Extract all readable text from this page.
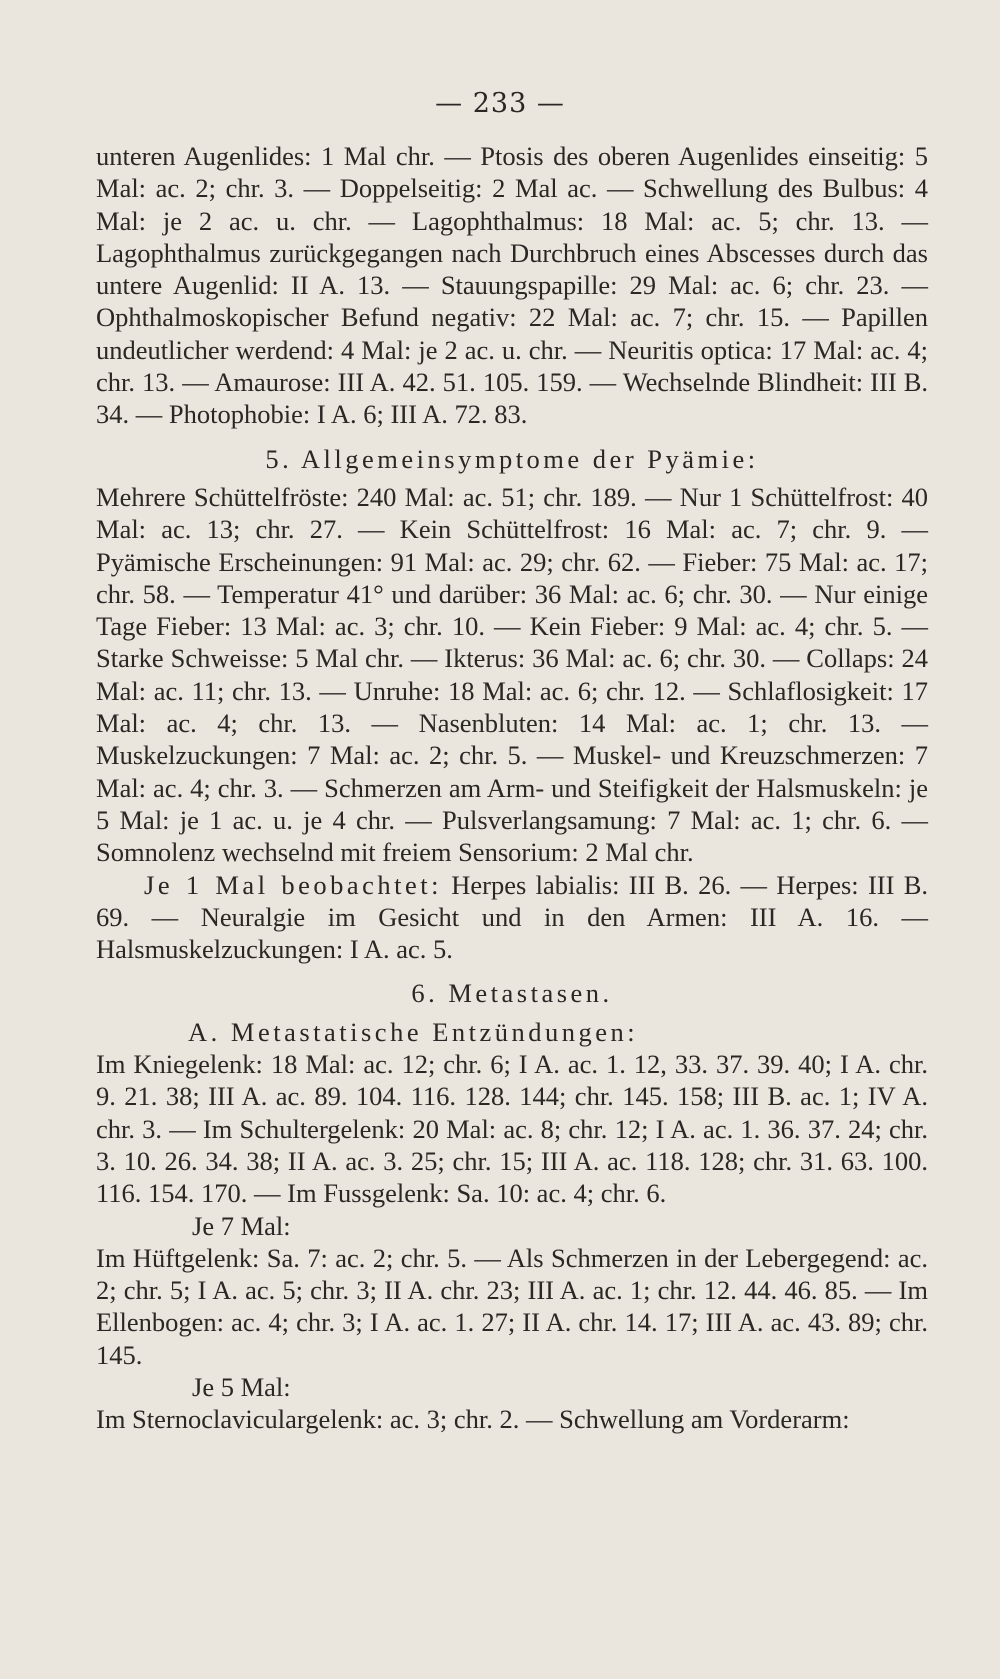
— 233 —

unteren Augenlides: 1 Mal chr. — Ptosis des oberen Augenlides einseitig: 5 Mal: ac. 2; chr. 3. — Doppelseitig: 2 Mal ac. — Schwellung des Bulbus: 4 Mal: je 2 ac. u. chr. — Lagophthalmus: 18 Mal: ac. 5; chr. 13. — Lagophthalmus zurückgegangen nach Durchbruch eines Abscesses durch das untere Augenlid: II A. 13. — Stauungspapille: 29 Mal: ac. 6; chr. 23. — Ophthalmoskopischer Befund negativ: 22 Mal: ac. 7; chr. 15. — Papillen undeutlicher werdend: 4 Mal: je 2 ac. u. chr. — Neuritis optica: 17 Mal: ac. 4; chr. 13. — Amaurose: III A. 42. 51. 105. 159. — Wechselnde Blindheit: III B. 34. — Photophobie: I A. 6; III A. 72. 83.

5. Allgemeinsymptome der Pyämie:

Mehrere Schüttelfröste: 240 Mal: ac. 51; chr. 189. — Nur 1 Schüttelfrost: 40 Mal: ac. 13; chr. 27. — Kein Schüttelfrost: 16 Mal: ac. 7; chr. 9. — Pyämische Erscheinungen: 91 Mal: ac. 29; chr. 62. — Fieber: 75 Mal: ac. 17; chr. 58. — Temperatur 41° und darüber: 36 Mal: ac. 6; chr. 30. — Nur einige Tage Fieber: 13 Mal: ac. 3; chr. 10. — Kein Fieber: 9 Mal: ac. 4; chr. 5. — Starke Schweisse: 5 Mal chr. — Ikterus: 36 Mal: ac. 6; chr. 30. — Collaps: 24 Mal: ac. 11; chr. 13. — Unruhe: 18 Mal: ac. 6; chr. 12. — Schlaflosigkeit: 17 Mal: ac. 4; chr. 13. — Nasenbluten: 14 Mal: ac. 1; chr. 13. — Muskelzuckungen: 7 Mal: ac. 2; chr. 5. — Muskel- und Kreuzschmerzen: 7 Mal: ac. 4; chr. 3. — Schmerzen am Arm- und Steifigkeit der Halsmuskeln: je 5 Mal: je 1 ac. u. je 4 chr. — Pulsverlangsamung: 7 Mal: ac. 1; chr. 6. — Somnolenz wechselnd mit freiem Sensorium: 2 Mal chr.

Je 1 Mal beobachtet: Herpes labialis: III B. 26. — Herpes: III B. 69. — Neuralgie im Gesicht und in den Armen: III A. 16. — Halsmuskelzuckungen: I A. ac. 5.

6. Metastasen.

A. Metastatische Entzündungen:

Im Kniegelenk: 18 Mal: ac. 12; chr. 6; I A. ac. 1. 12, 33. 37. 39. 40; I A. chr. 9. 21. 38; III A. ac. 89. 104. 116. 128. 144; chr. 145. 158; III B. ac. 1; IV A. chr. 3. — Im Schultergelenk: 20 Mal: ac. 8; chr. 12; I A. ac. 1. 36. 37. 24; chr. 3. 10. 26. 34. 38; II A. ac. 3. 25; chr. 15; III A. ac. 118. 128; chr. 31. 63. 100. 116. 154. 170. — Im Fussgelenk: Sa. 10: ac. 4; chr. 6.

Je 7 Mal:

Im Hüftgelenk: Sa. 7: ac. 2; chr. 5. — Als Schmerzen in der Lebergegend: ac. 2; chr. 5; I A. ac. 5; chr. 3; II A. chr. 23; III A. ac. 1; chr. 12. 44. 46. 85. — Im Ellenbogen: ac. 4; chr. 3; I A. ac. 1. 27; II A. chr. 14. 17; III A. ac. 43. 89; chr. 145.

Je 5 Mal:

Im Sternoclaviculargelenk: ac. 3; chr. 2. — Schwellung am Vorderarm:
